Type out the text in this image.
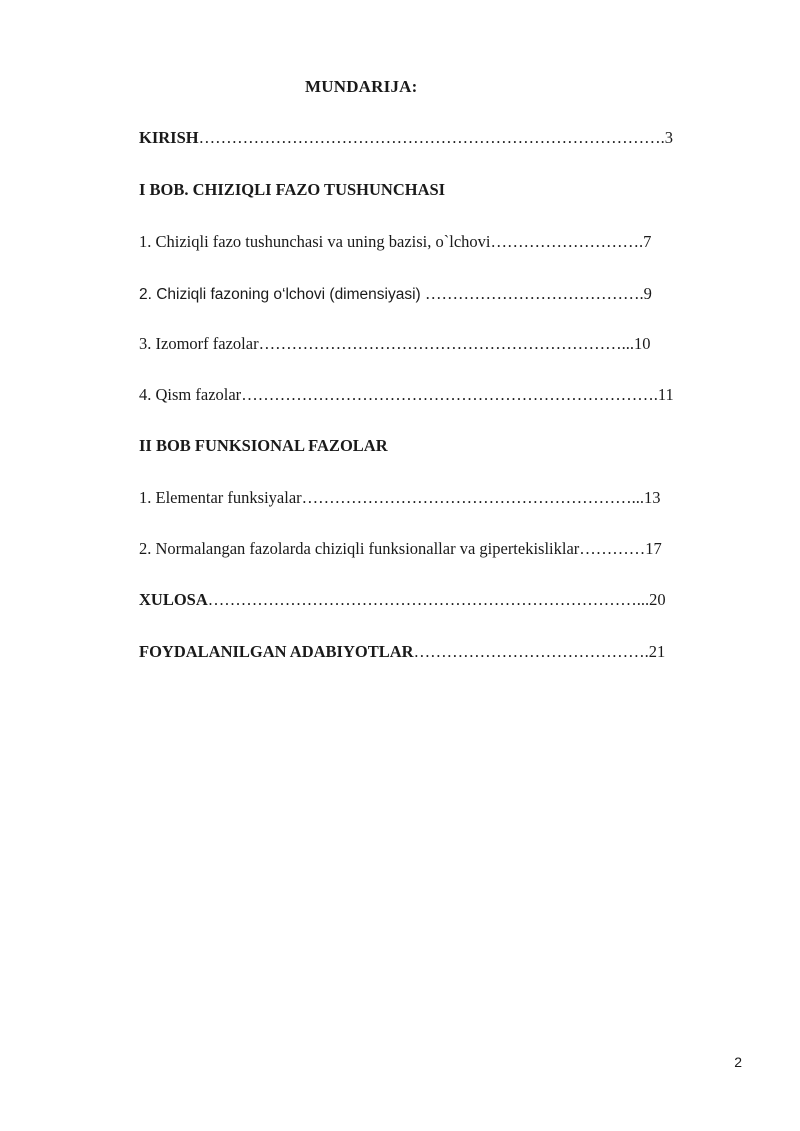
MUNDARIJA:
KIRISH………………………………………………………………………….3
I BOB. CHIZIQLI FAZO TUSHUNCHASI
1. Chiziqli fazo tushunchasi va uning bazisi, o`lchovi……………………….7
2. Chiziqli fazoning o‘lchovi (dimensiyasi) ………………………………….9
3. Izomorf fazolar…………………………………………………………...10
4. Qism fazolar………………………………………………………………….11
II BOB FUNKSIONAL FAZOLAR
1. Elementar funksiyalar……………………………………………………...13
2. Normalangan fazolarda chiziqli funksionallar va gipertekisliklar…………17
XULOSA……………………………………………………………………...20
FOYDALANILGAN ADABIYOTLAR…………………………………….21
2
